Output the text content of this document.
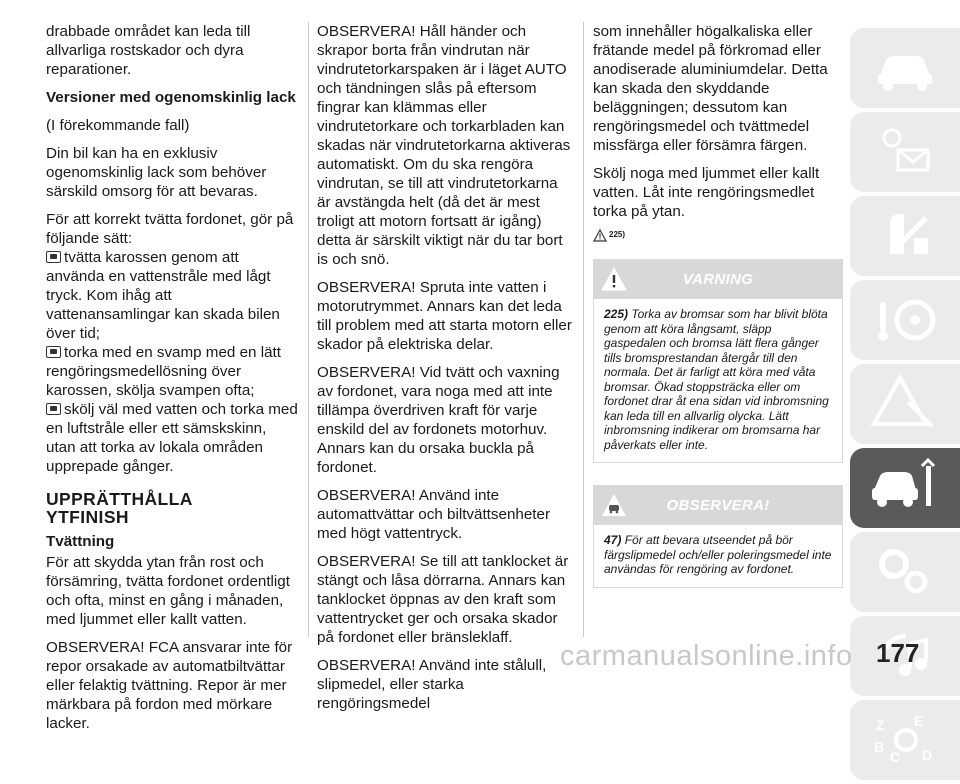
drabbade området kan leda till allvarliga rostskador och dyra reparationer.

Versioner med ogenomskinlig lack

(I förekommande fall)

Din bil kan ha en exklusiv ogenomskinlig lack som behöver särskild omsorg för att bevaras.

För att korrekt tvätta fordonet, gör på följande sätt:

tvätta karossen genom att använda en vattenstråle med lågt tryck. Kom ihåg att vattenansamlingar kan skada bilen över tid;
torka med en svamp med en lätt rengöringsmedellösning över karossen, skölja svampen ofta;
skölj väl med vatten och torka med en luftstråle eller ett sämskskinn, utan att torka av lokala områden upprepade gånger.
UPPRÄTTHÅLLA YTFINISH

Tvättning

För att skydda ytan från rost och försämring, tvätta fordonet ordentligt och ofta, minst en gång i månaden, med ljummet eller kallt vatten.

OBSERVERA! FCA ansvarar inte för repor orsakade av automatbiltvättar eller felaktig tvättning. Repor är mer märkbara på fordon med mörkare lacker.

OBSERVERA! Håll händer och skrapor borta från vindrutan när vindrutetorkarspaken är i läget AUTO och tändningen slås på eftersom fingrar kan klämmas eller vindrutetorkare och torkarbladen kan skadas när vindrutetorkarna aktiveras automatiskt. Om du ska rengöra vindrutan, se till att vindrutetorkarna är avstängda helt (då det är mest troligt att motorn fortsatt är igång) detta är särskilt viktigt när du tar bort is och snö.

OBSERVERA! Spruta inte vatten i motorutrymmet. Annars kan det leda till problem med att starta motorn eller skador på elektriska delar.

OBSERVERA! Vid tvätt och vaxning av fordonet, vara noga med att inte tillämpa överdriven kraft för varje enskild del av fordonets motorhuv. Annars kan du orsaka buckla på fordonet.

OBSERVERA! Använd inte automattvättar och biltvättsenheter med högt vattentryck.

OBSERVERA! Se till att tanklocket är stängt och låsa dörrarna. Annars kan tanklocket öppnas av den kraft som vattentrycket ger och orsaka skador på fordonet eller bränsleklaff.

OBSERVERA! Använd inte stålull, slipmedel, eller starka rengöringsmedel

som innehåller högalkaliska eller frätande medel på förkromad eller anodiserade aluminiumdelar. Detta kan skada den skyddande beläggningen; dessutom kan rengöringsmedel och tvättmedel missfärga eller försämra färgen.

Skölj noga med ljummet eller kallt vatten. Låt inte rengöringsmedlet torka på ytan.

225)
VARNING
225) Torka av bromsar som har blivit blöta genom att köra långsamt, släpp gaspedalen och bromsa lätt flera gånger tills bromsprestandan återgår till den normala. Det är farligt att köra med våta bromsar. Ökad stoppsträcka eller om fordonet drar åt ena sidan vid inbromsning kan leda till en allvarlig olycka. Lätt inbromsning indikerar om bromsarna har påverkats eller inte.
OBSERVERA!
47) För att bevara utseendet på bör färgslipmedel och/eller poleringsmedel inte användas för rengöring av fordonet.
Z E
B
C D
carmanualsonline.info 177
